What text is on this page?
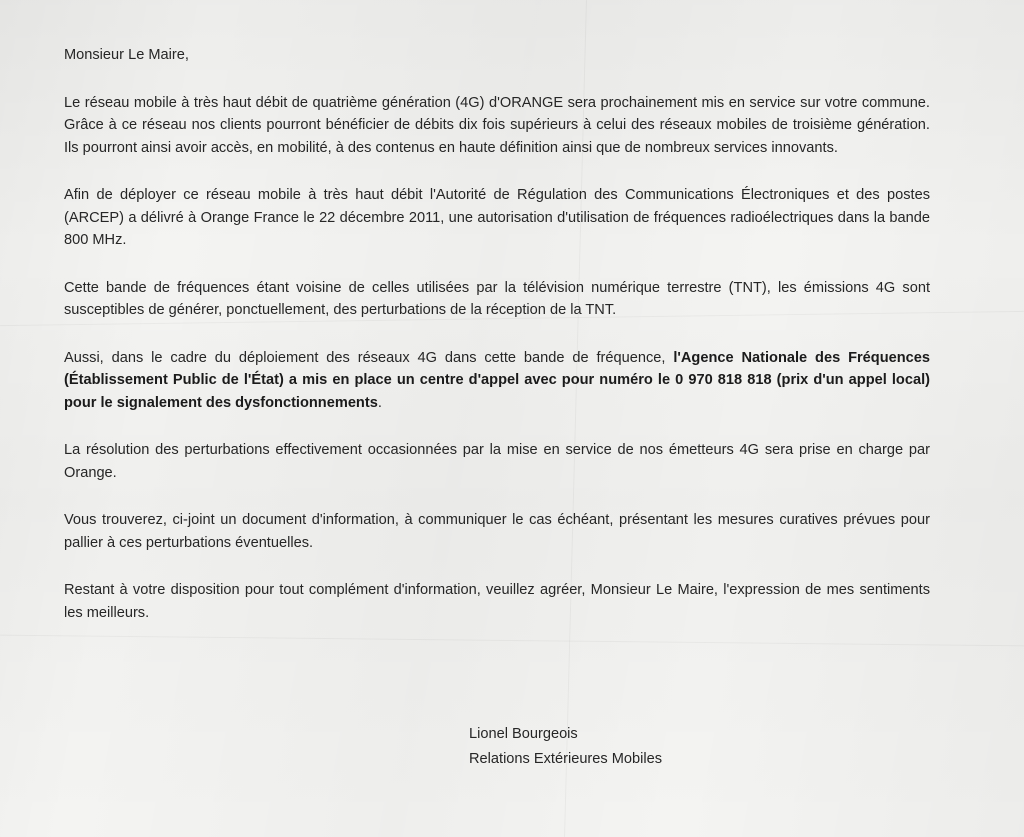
Monsieur Le Maire,
Le réseau mobile à très haut débit de quatrième génération (4G) d'ORANGE sera prochainement mis en service sur votre commune. Grâce à ce réseau nos clients pourront bénéficier de débits dix fois supérieurs à celui des réseaux mobiles de troisième génération. Ils pourront ainsi avoir accès, en mobilité, à des contenus en haute définition ainsi que de nombreux services innovants.
Afin de déployer ce réseau mobile à très haut débit l'Autorité de Régulation des Communications Électroniques et des postes (ARCEP) a délivré à Orange France le 22 décembre 2011, une autorisation d'utilisation de fréquences radioélectriques dans la bande 800 MHz.
Cette bande de fréquences étant voisine de celles utilisées par la télévision numérique terrestre (TNT), les émissions 4G sont susceptibles de générer, ponctuellement, des perturbations de la réception de la TNT.
Aussi, dans le cadre du déploiement des réseaux 4G dans cette bande de fréquence, l'Agence Nationale des Fréquences (Établissement Public de l'État) a mis en place un centre d'appel avec pour numéro le 0 970 818 818 (prix d'un appel local) pour le signalement des dysfonctionnements.
La résolution des perturbations effectivement occasionnées par la mise en service de nos émetteurs 4G sera prise en charge par Orange.
Vous trouverez, ci-joint un document d'information, à communiquer le cas échéant, présentant les mesures curatives prévues pour pallier à ces perturbations éventuelles.
Restant à votre disposition pour tout complément d'information, veuillez agréer, Monsieur Le Maire, l'expression de mes sentiments les meilleurs.
Lionel Bourgeois
Relations Extérieures Mobiles
